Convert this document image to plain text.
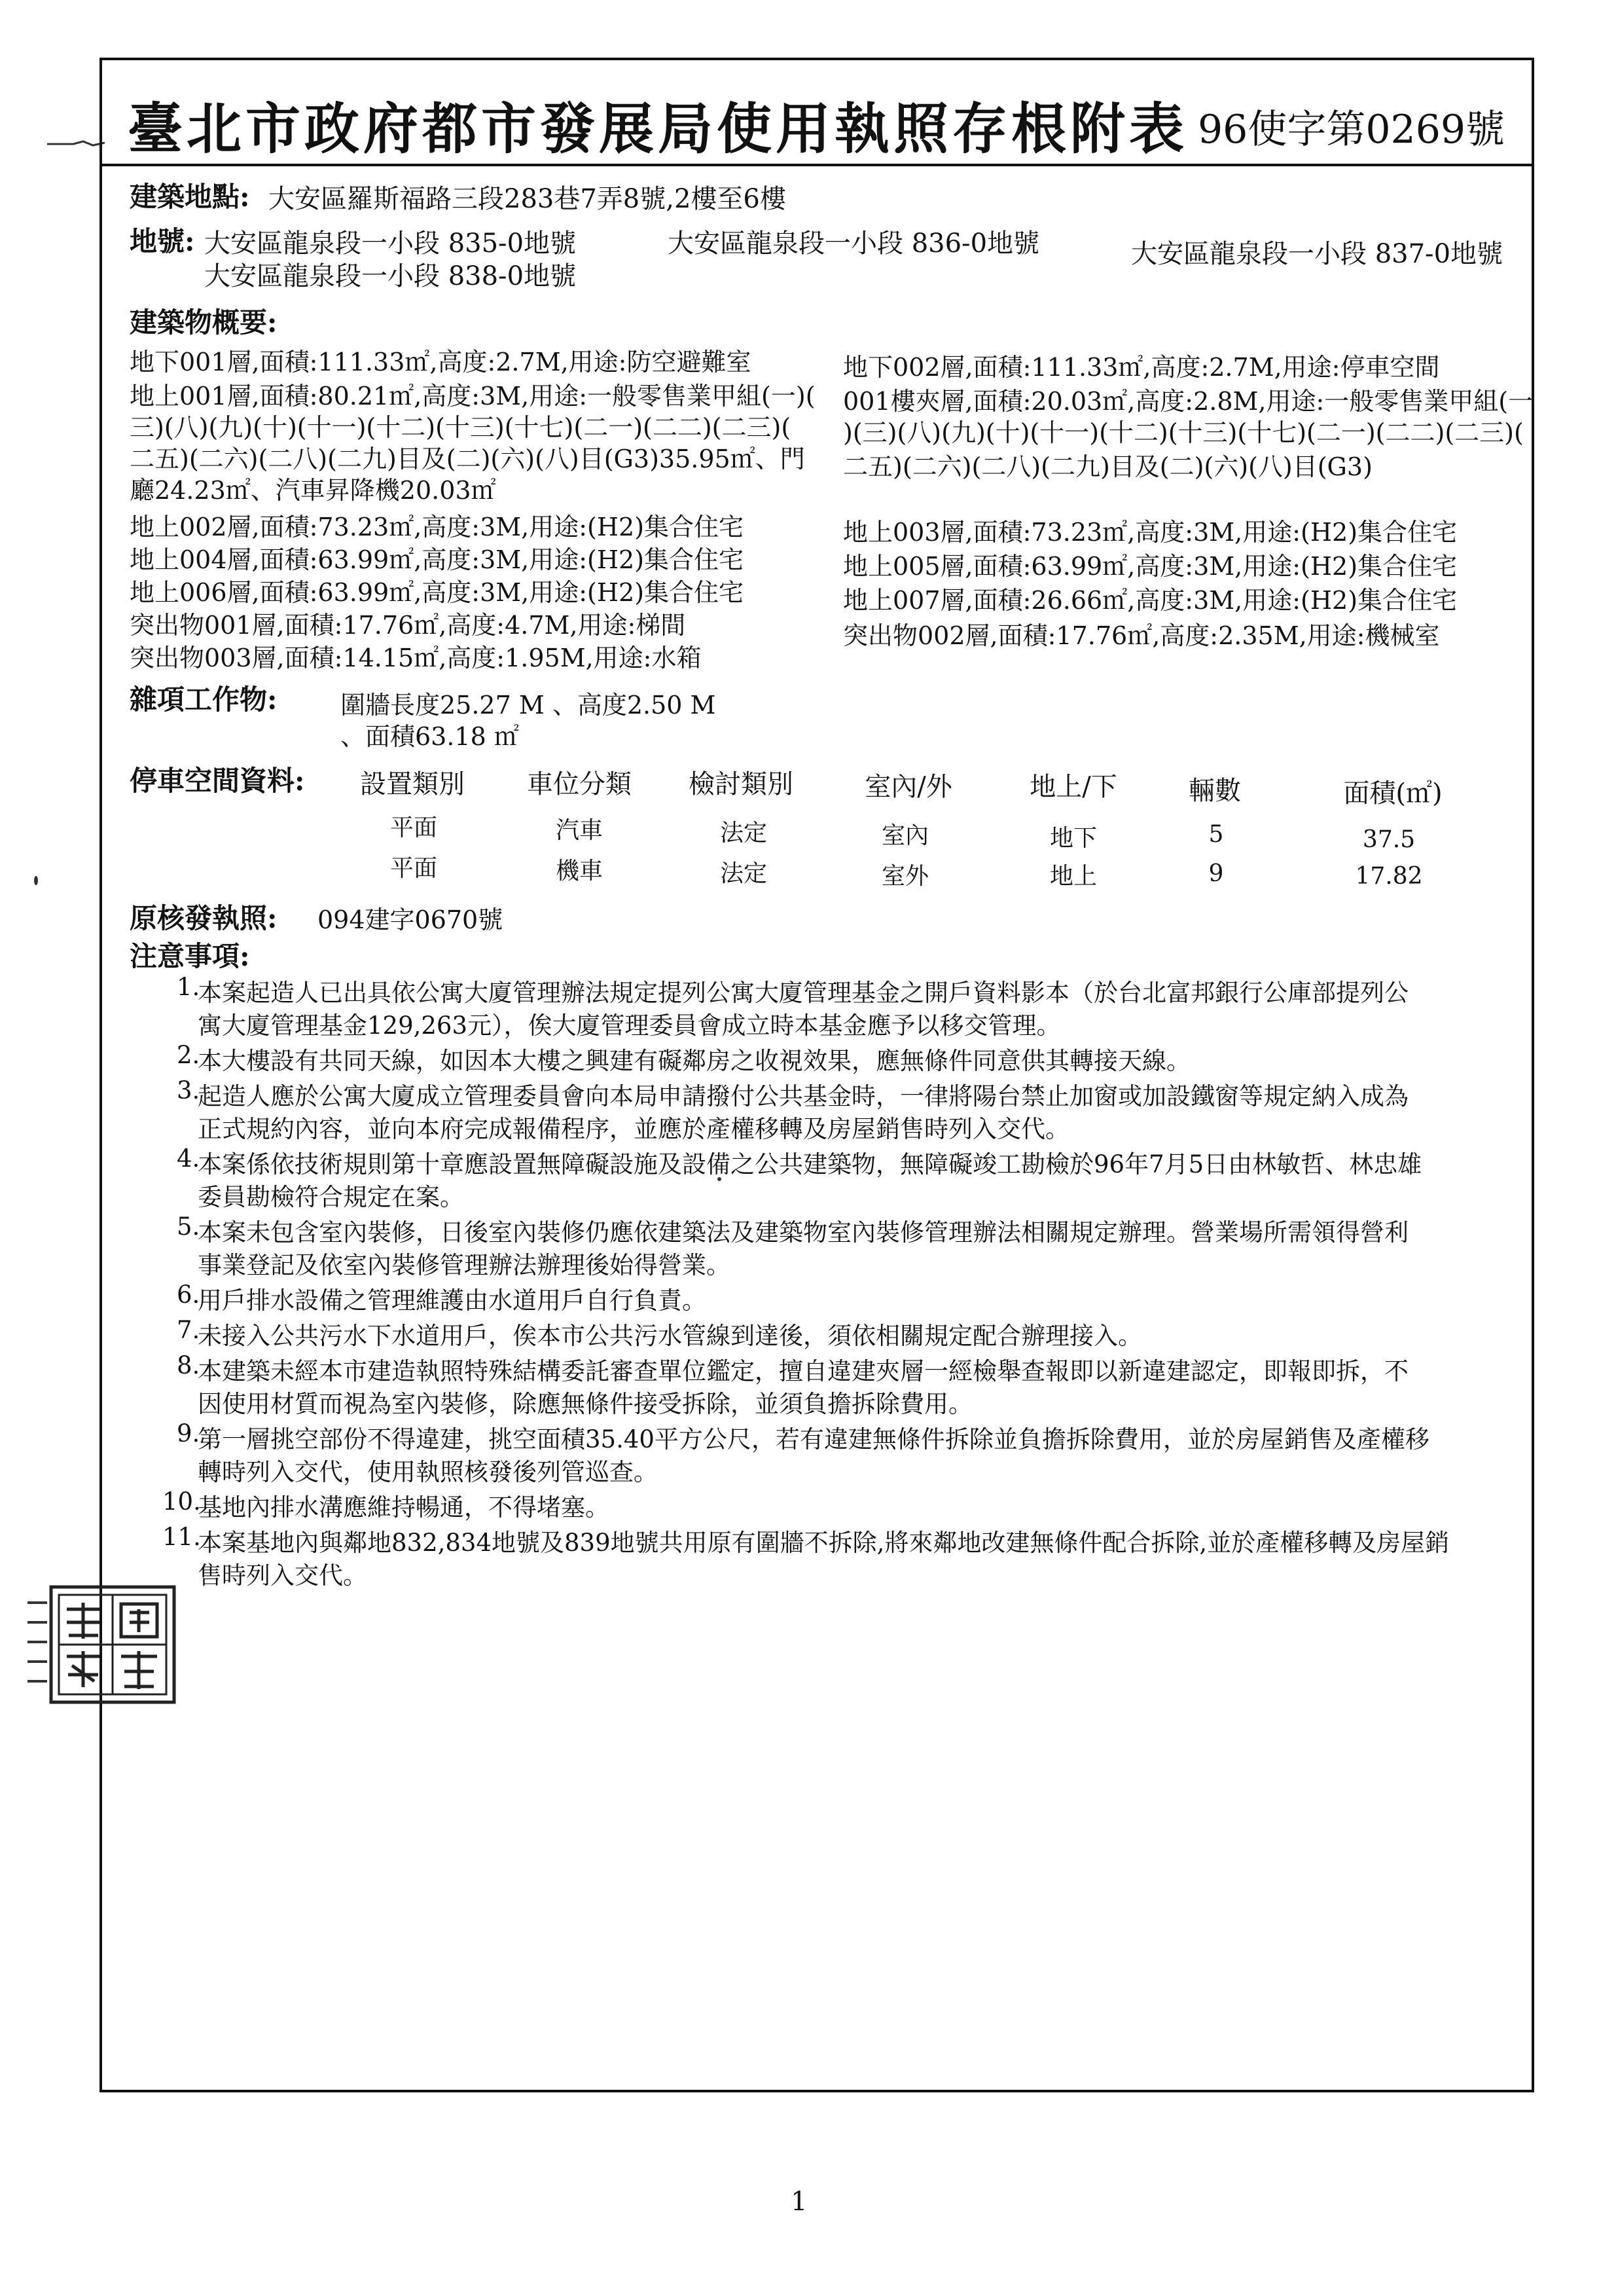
臺北市政府都市發展局使用執照存根附表 96使字第0269號
建築地點: 大安區羅斯福路三段283巷7弄8號,2樓至6樓
地號: 大安區龍泉段一小段 835-0地號	大安區龍泉段一小段 836-0地號	大安區龍泉段一小段 837-0地號
大安區龍泉段一小段 838-0地號
建築物概要:
地下001層,面積:111.33㎡,高度:2.7M,用途:防空避難室
地上001層,面積:80.21㎡,高度:3M,用途:一般零售業甲組(一)(
三)(八)(九)(十)(十一)(十二)(十三)(十七)(二一)(二二)(二三)(
二五)(二六)(二八)(二九)目及(二)(六)(八)目(G3)35.95㎡、門
廳24.23㎡、汽車昇降機20.03㎡
地上002層,面積:73.23㎡,高度:3M,用途:(H2)集合住宅
地上004層,面積:63.99㎡,高度:3M,用途:(H2)集合住宅
地上006層,面積:63.99㎡,高度:3M,用途:(H2)集合住宅
突出物001層,面積:17.76㎡,高度:4.7M,用途:梯間
突出物003層,面積:14.15㎡,高度:1.95M,用途:水箱
地下002層,面積:111.33㎡,高度:2.7M,用途:停車空間
001樓夾層,面積:20.03㎡,高度:2.8M,用途:一般零售業甲組(一
)(三)(八)(九)(十)(十一)(十二)(十三)(十七)(二一)(二二)(二三)(
二五)(二六)(二八)(二九)目及(二)(六)(八)目(G3)
地上003層,面積:73.23㎡,高度:3M,用途:(H2)集合住宅
地上005層,面積:63.99㎡,高度:3M,用途:(H2)集合住宅
地上007層,面積:26.66㎡,高度:3M,用途:(H2)集合住宅
突出物002層,面積:17.76㎡,高度:2.35M,用途:機械室
雜項工作物:	圍牆長度25.27 M 、高度2.50 M
、面積63.18 ㎡
停車空間資料: 設置類別 車位分類 檢討類別	室內/外	地上/下	輛數	面積(㎡)
平面	汽車	法定	室內	地下	5	37.5
平面	機車	法定	室外	地上	9	17.82
原核發執照: 094建字0670號
注意事項:
1.
本案起造人已出具依公寓大廈管理辦法規定提列公寓大廈管理基金之開戶資料影本（於台北富邦銀行公庫部提列公
寓大廈管理基金129,263元），俟大廈管理委員會成立時本基金應予以移交管理。
2.
本大樓設有共同天線，如因本大樓之興建有礙鄰房之收視效果，應無條件同意供其轉接天線。
3.
起造人應於公寓大廈成立管理委員會向本局申請撥付公共基金時，一律將陽台禁止加窗或加設鐵窗等規定納入成為
正式規約內容，並向本府完成報備程序，並應於產權移轉及房屋銷售時列入交代。
4.
本案係依技術規則第十章應設置無障礙設施及設備之公共建築物，無障礙竣工勘檢於96年7月5日由林敏哲、林忠雄
委員勘檢符合規定在案。
5.
本案未包含室內裝修，日後室內裝修仍應依建築法及建築物室內裝修管理辦法相關規定辦理。營業場所需領得營利
事業登記及依室內裝修管理辦法辦理後始得營業。
6.
用戶排水設備之管理維護由水道用戶自行負責。
7.
未接入公共污水下水道用戶，俟本市公共污水管線到達後，須依相關規定配合辦理接入。
8.
本建築未經本市建造執照特殊結構委託審查單位鑑定，擅自違建夾層一經檢舉查報即以新違建認定，即報即拆，不
因使用材質而視為室內裝修，除應無條件接受拆除，並須負擔拆除費用。
9.
第一層挑空部份不得違建，挑空面積35.40平方公尺，若有違建無條件拆除並負擔拆除費用，並於房屋銷售及產權移
轉時列入交代，使用執照核發後列管巡查。
10.
基地內排水溝應維持暢通，不得堵塞。
11.
本案基地內與鄰地832,834地號及839地號共用原有圍牆不拆除,將來鄰地改建無條件配合拆除,並於產權移轉及房屋銷
售時列入交代。
1
